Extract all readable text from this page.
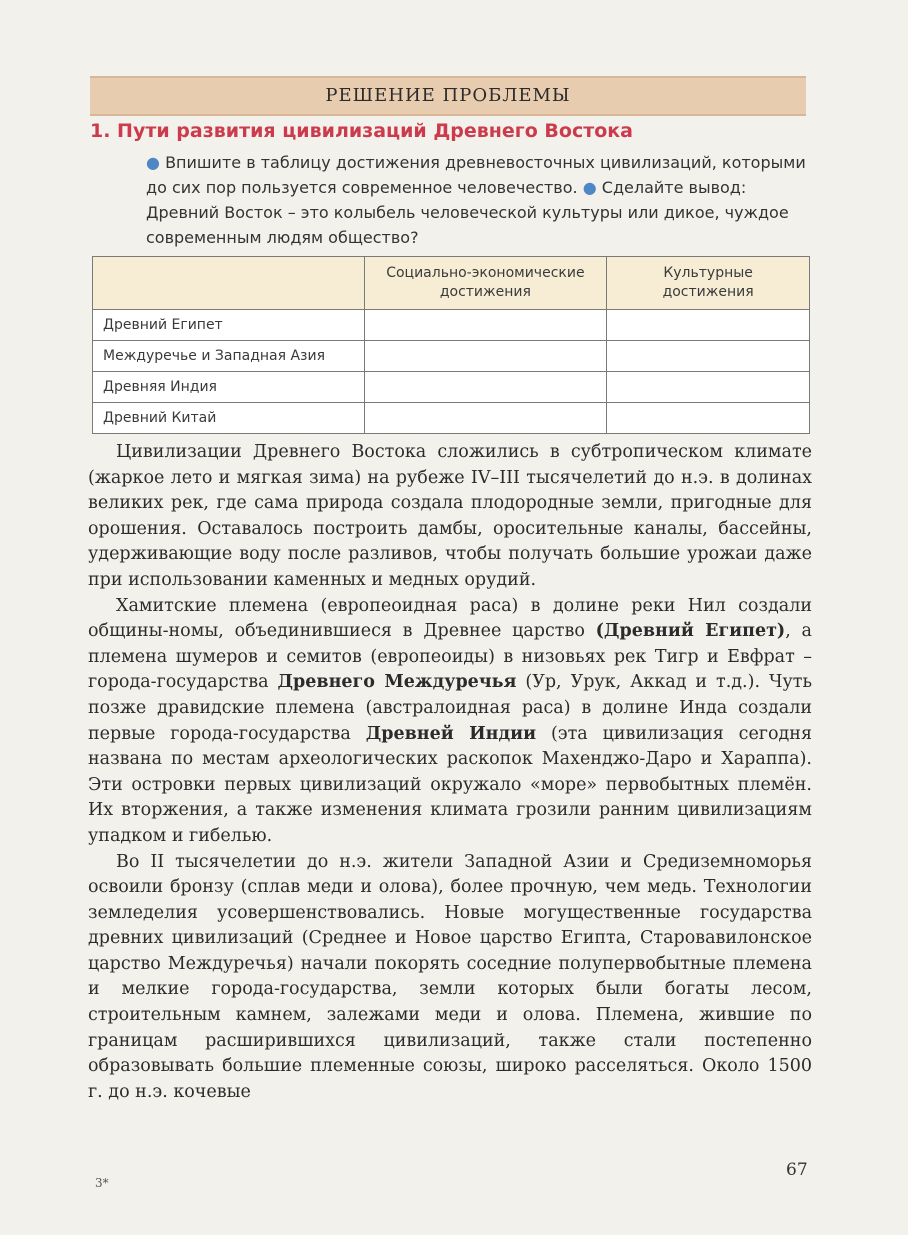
РЕШЕНИЕ ПРОБЛЕМЫ
1. Пути развития цивилизаций Древнего Востока

● Впишите в таблицу достижения древневосточных цивилизаций, которыми до сих пор пользуется современное человечество. ● Сделайте вывод: Древний Восток – это колыбель человеческой культуры или дикое, чуждое современным людям общество?

	Социально-экономические достижения	Культурные достижения
Древний Египет		
Междуречье и Западная Азия		
Древняя Индия		
Древний Китай		

Цивилизации Древнего Востока сложились в субтропическом климате (жаркое лето и мягкая зима) на рубеже IV–III тысячелетий до н.э. в долинах великих рек, где сама природа создала плодородные земли, пригодные для орошения. Оставалось построить дамбы, оросительные каналы, бассейны, удерживающие воду после разливов, чтобы получать большие урожаи даже при использовании каменных и медных орудий.

Хамитские племена (европеоидная раса) в долине реки Нил создали общины-номы, объединившиеся в Древнее царство (Древний Египет), а племена шумеров и семитов (европеоиды) в низовьях рек Тигр и Евфрат – города-государства Древнего Междуречья (Ур, Урук, Аккад и т.д.). Чуть позже дравидские племена (австралоидная раса) в долине Инда создали первые города-государства Древней Индии (эта цивилизация сегодня названа по местам археологических раскопок Махенджо-Даро и Хараппа). Эти островки первых цивилизаций окружало «море» первобытных племён. Их вторжения, а также изменения климата грозили ранним цивилизациям упадком и гибелью.

Во II тысячелетии до н.э. жители Западной Азии и Средиземноморья освоили бронзу (сплав меди и олова), более прочную, чем медь. Технологии земледелия усовершенствовались. Новые могущественные государства древних цивилизаций (Среднее и Новое царство Египта, Старовавилонское царство Междуречья) начали покорять соседние полупервобытные племена и мелкие города-государства, земли которых были богаты лесом, строительным камнем, залежами меди и олова. Племена, жившие по границам расширившихся цивилизаций, также стали постепенно образовывать большие племенные союзы, широко расселяться. Около 1500 г. до н.э. кочевые

67
3*
